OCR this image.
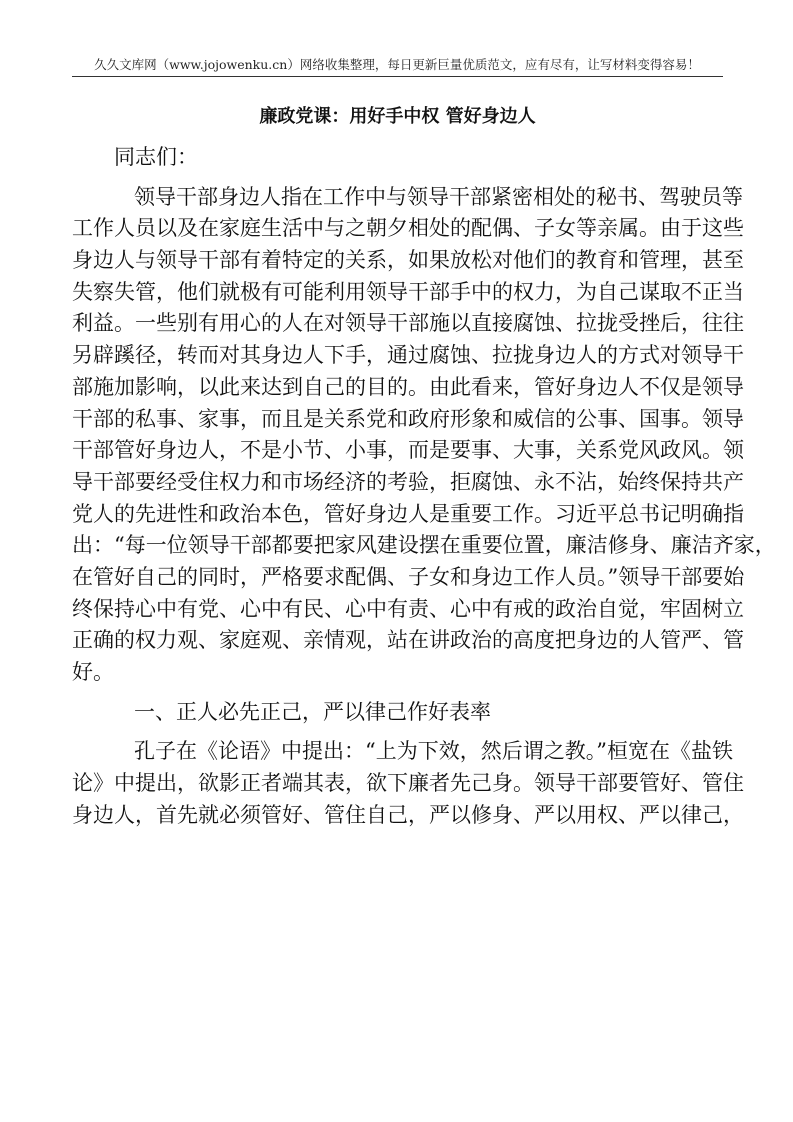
久久文库网（www.jojowenku.cn）网络收集整理，每日更新巨量优质范文，应有尽有，让写材料变得容易！
廉政党课：用好手中权 管好身边人
同志们：
领导干部身边人指在工作中与领导干部紧密相处的秘书、驾驶员等
工作人员以及在家庭生活中与之朝夕相处的配偶、子女等亲属。由于这些
身边人与领导干部有着特定的关系，如果放松对他们的教育和管理，甚至
失察失管，他们就极有可能利用领导干部手中的权力，为自己谋取不正当
利益。一些别有用心的人在对领导干部施以直接腐蚀、拉拢受挫后，往往
另辟蹊径，转而对其身边人下手，通过腐蚀、拉拢身边人的方式对领导干
部施加影响，以此来达到自己的目的。由此看来，管好身边人不仅是领导
干部的私事、家事，而且是关系党和政府形象和威信的公事、国事。领导
干部管好身边人，不是小节、小事，而是要事、大事，关系党风政风。领
导干部要经受住权力和市场经济的考验，拒腐蚀、永不沾，始终保持共产
党人的先进性和政治本色，管好身边人是重要工作。习近平总书记明确指
出：“每一位领导干部都要把家风建设摆在重要位置，廉洁修身、廉洁齐家，
在管好自己的同时，严格要求配偶、子女和身边工作人员。”领导干部要始
终保持心中有党、心中有民、心中有责、心中有戒的政治自觉，牢固树立
正确的权力观、家庭观、亲情观，站在讲政治的高度把身边的人管严、管
好。
一、正人必先正己，严以律己作好表率
孔子在《论语》中提出：“上为下效，然后谓之教。”桓宽在《盐铁
论》中提出，欲影正者端其表，欲下廉者先己身。领导干部要管好、管住
身边人，首先就必须管好、管住自己，严以修身、严以用权、严以律己，
